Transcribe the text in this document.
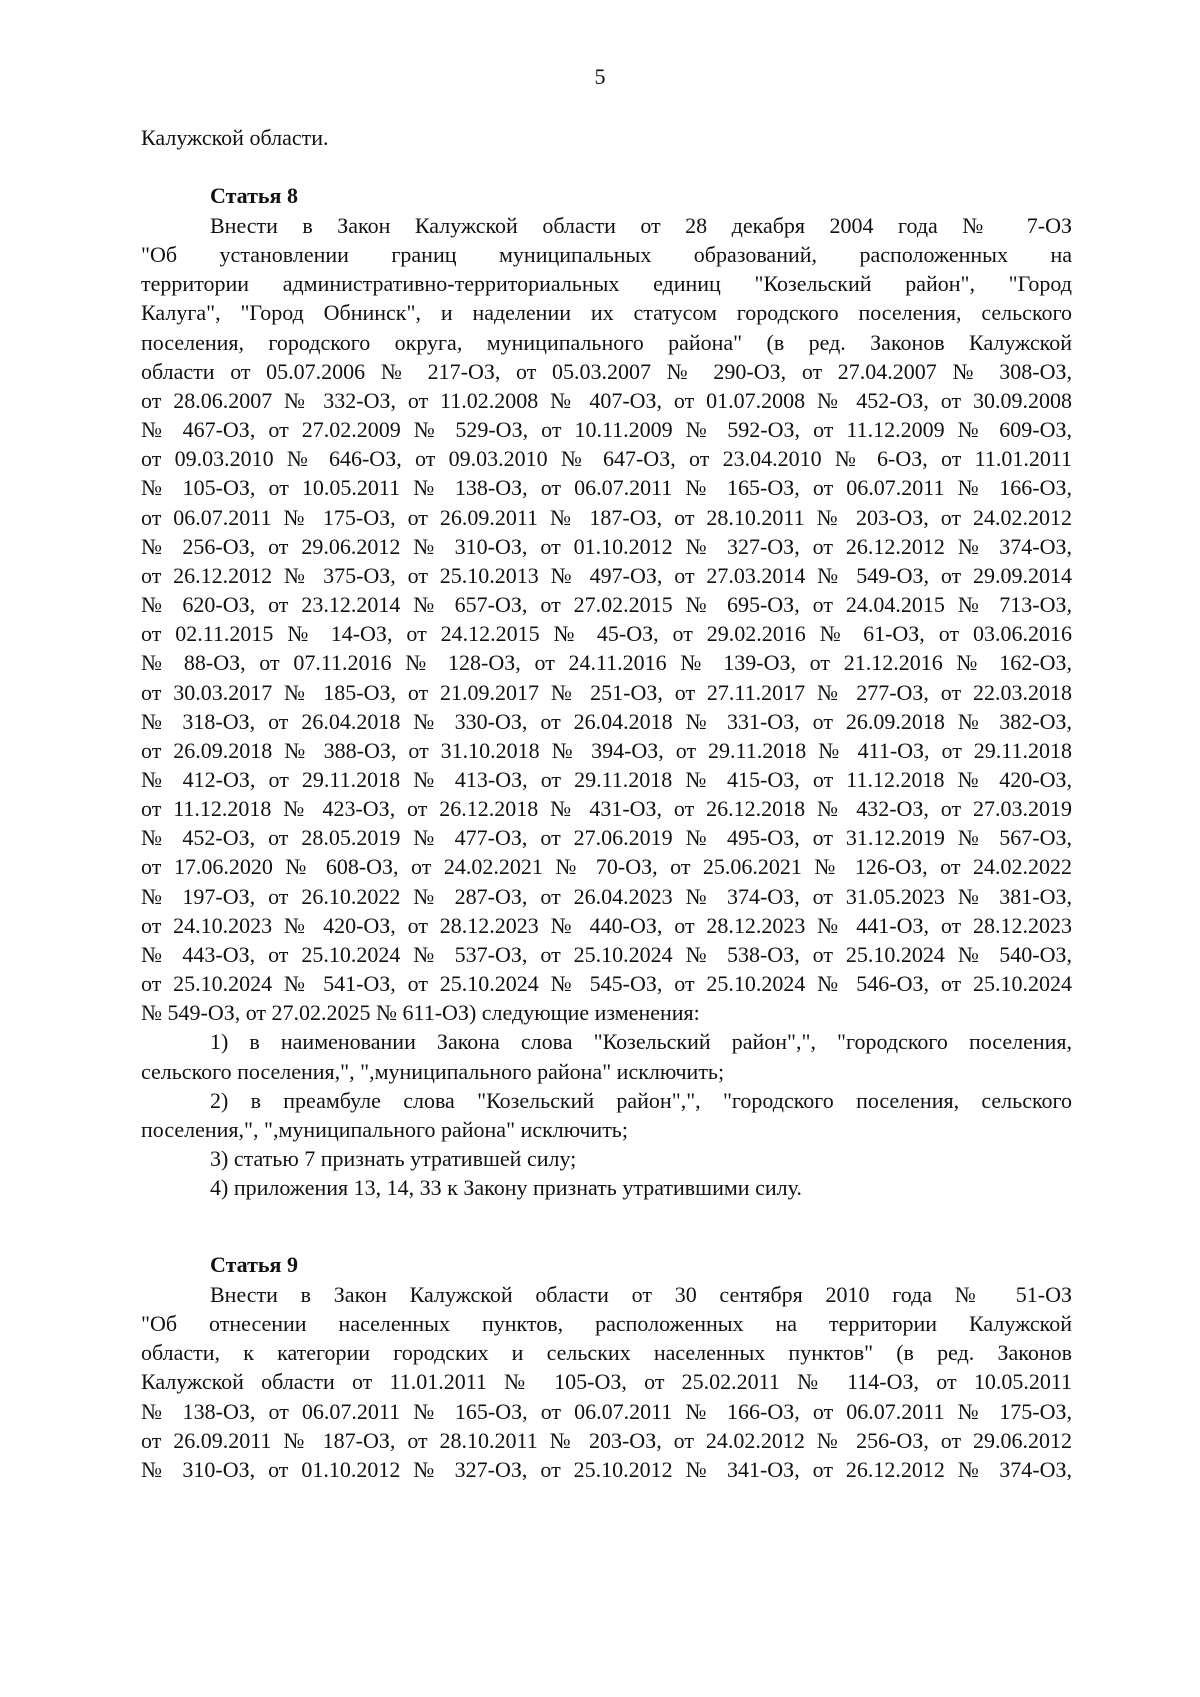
5
Калужской области.
Статья 8
Внести в Закон Калужской области от 28 декабря 2004 года № 7-ОЗ
"Об установлении границ муниципальных образований, расположенных на
территории административно-территориальных единиц "Козельский район", "Город
Калуга", "Город Обнинск", и наделении их статусом городского поселения, сельского
поселения, городского округа, муниципального района" (в ред. Законов Калужской
области от 05.07.2006 № 217-ОЗ, от 05.03.2007 № 290-ОЗ, от 27.04.2007 № 308-ОЗ,
от 28.06.2007 № 332-ОЗ, от 11.02.2008 № 407-ОЗ, от 01.07.2008 № 452-ОЗ, от 30.09.2008
№ 467-ОЗ, от 27.02.2009 № 529-ОЗ, от 10.11.2009 № 592-ОЗ, от 11.12.2009 № 609-ОЗ,
от 09.03.2010 № 646-ОЗ, от 09.03.2010 № 647-ОЗ, от 23.04.2010 № 6-ОЗ, от 11.01.2011
№ 105-ОЗ, от 10.05.2011 № 138-ОЗ, от 06.07.2011 № 165-ОЗ, от 06.07.2011 № 166-ОЗ,
от 06.07.2011 № 175-ОЗ, от 26.09.2011 № 187-ОЗ, от 28.10.2011 № 203-ОЗ, от 24.02.2012
№ 256-ОЗ, от 29.06.2012 № 310-ОЗ, от 01.10.2012 № 327-ОЗ, от 26.12.2012 № 374-ОЗ,
от 26.12.2012 № 375-ОЗ, от 25.10.2013 № 497-ОЗ, от 27.03.2014 № 549-ОЗ, от 29.09.2014
№ 620-ОЗ, от 23.12.2014 № 657-ОЗ, от 27.02.2015 № 695-ОЗ, от 24.04.2015 № 713-ОЗ,
от 02.11.2015 № 14-ОЗ, от 24.12.2015 № 45-ОЗ, от 29.02.2016 № 61-ОЗ, от 03.06.2016
№ 88-ОЗ, от 07.11.2016 № 128-ОЗ, от 24.11.2016 № 139-ОЗ, от 21.12.2016 № 162-ОЗ,
от 30.03.2017 № 185-ОЗ, от 21.09.2017 № 251-ОЗ, от 27.11.2017 № 277-ОЗ, от 22.03.2018
№ 318-ОЗ, от 26.04.2018 № 330-ОЗ, от 26.04.2018 № 331-ОЗ, от 26.09.2018 № 382-ОЗ,
от 26.09.2018 № 388-ОЗ, от 31.10.2018 № 394-ОЗ, от 29.11.2018 № 411-ОЗ, от 29.11.2018
№ 412-ОЗ, от 29.11.2018 № 413-ОЗ, от 29.11.2018 № 415-ОЗ, от 11.12.2018 № 420-ОЗ,
от 11.12.2018 № 423-ОЗ, от 26.12.2018 № 431-ОЗ, от 26.12.2018 № 432-ОЗ, от 27.03.2019
№ 452-ОЗ, от 28.05.2019 № 477-ОЗ, от 27.06.2019 № 495-ОЗ, от 31.12.2019 № 567-ОЗ,
от 17.06.2020 № 608-ОЗ, от 24.02.2021 № 70-ОЗ, от 25.06.2021 № 126-ОЗ, от 24.02.2022
№ 197-ОЗ, от 26.10.2022 № 287-ОЗ, от 26.04.2023 № 374-ОЗ, от 31.05.2023 № 381-ОЗ,
от 24.10.2023 № 420-ОЗ, от 28.12.2023 № 440-ОЗ, от 28.12.2023 № 441-ОЗ, от 28.12.2023
№ 443-ОЗ, от 25.10.2024 № 537-ОЗ, от 25.10.2024 № 538-ОЗ, от 25.10.2024 № 540-ОЗ,
от 25.10.2024 № 541-ОЗ, от 25.10.2024 № 545-ОЗ, от 25.10.2024 № 546-ОЗ, от 25.10.2024
№ 549-ОЗ, от 27.02.2025 № 611-ОЗ) следующие изменения:
1) в наименовании Закона слова "Козельский район",", "городского поселения,
сельского поселения,", ",муниципального района" исключить;
2) в преамбуле слова "Козельский район",", "городского поселения, сельского
поселения,", ",муниципального района" исключить;
3) статью 7 признать утратившей силу;
4) приложения 13, 14, 33 к Закону признать утратившими силу.
Статья 9
Внести в Закон Калужской области от 30 сентября 2010 года № 51-ОЗ
"Об отнесении населенных пунктов, расположенных на территории Калужской
области, к категории городских и сельских населенных пунктов" (в ред. Законов
Калужской области от 11.01.2011 № 105-ОЗ, от 25.02.2011 № 114-ОЗ, от 10.05.2011
№ 138-ОЗ, от 06.07.2011 № 165-ОЗ, от 06.07.2011 № 166-ОЗ, от 06.07.2011 № 175-ОЗ,
от 26.09.2011 № 187-ОЗ, от 28.10.2011 № 203-ОЗ, от 24.02.2012 № 256-ОЗ, от 29.06.2012
№ 310-ОЗ, от 01.10.2012 № 327-ОЗ, от 25.10.2012 № 341-ОЗ, от 26.12.2012 № 374-ОЗ,
